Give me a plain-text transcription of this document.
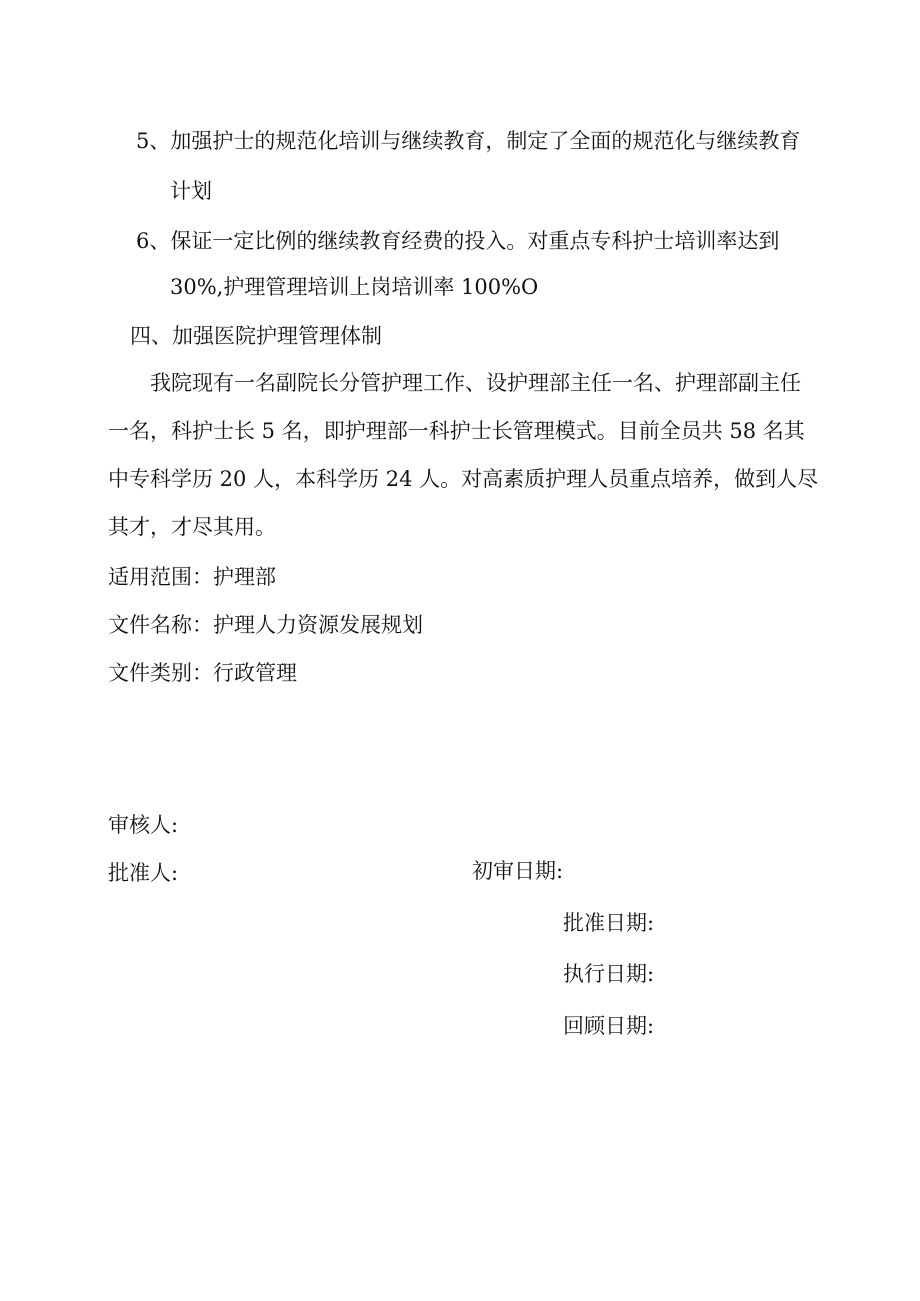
5、加强护士的规范化培训与继续教育，制定了全面的规范化与继续教育
计划
6、保证一定比例的继续教育经费的投入。对重点专科护士培训率达到
30%,护理管理培训上岗培训率 100%O
四、加强医院护理管理体制
我院现有一名副院长分管护理工作、设护理部主任一名、护理部副主任
一名，科护士长 5 名，即护理部一科护士长管理模式。目前全员共 58 名其
中专科学历 20 人，本科学历 24 人。对高素质护理人员重点培养，做到人尽
其才，才尽其用。
适用范围：护理部
文件名称：护理人力资源发展规划
文件类别：行政管理
审核人:
批准人:	初审日期:
批准日期:
执行日期:
回顾日期:
